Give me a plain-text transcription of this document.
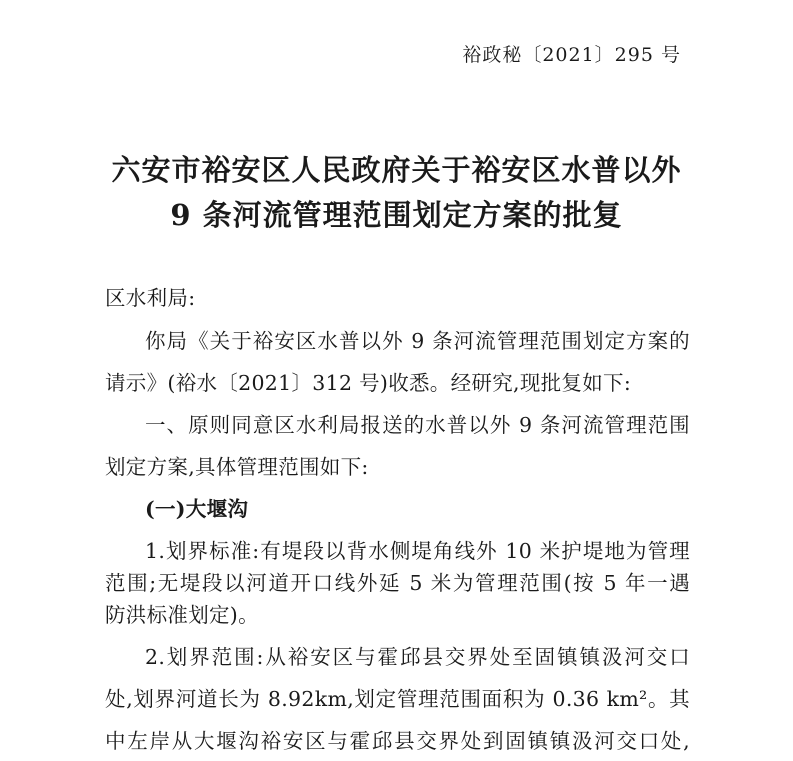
裕政秘〔2021〕295 号
六安市裕安区人民政府关于裕安区水普以外
9 条河流管理范围划定方案的批复
区水利局:
你局《关于裕安区水普以外 9 条河流管理范围划定方案的
请示》(裕水〔2021〕312 号)收悉。经研究,现批复如下:
一、原则同意区水利局报送的水普以外 9 条河流管理范围
划定方案,具体管理范围如下:
(一)大堰沟
1.划界标准:有堤段以背水侧堤角线外 10 米护堤地为管理
范围;无堤段以河道开口线外延 5 米为管理范围(按 5 年一遇
防洪标准划定)。
2.划界范围:从裕安区与霍邱县交界处至固镇镇汲河交口
处,划界河道长为 8.92km,划定管理范围面积为 0.36 km²。其
中左岸从大堰沟裕安区与霍邱县交界处到固镇镇汲河交口处,
